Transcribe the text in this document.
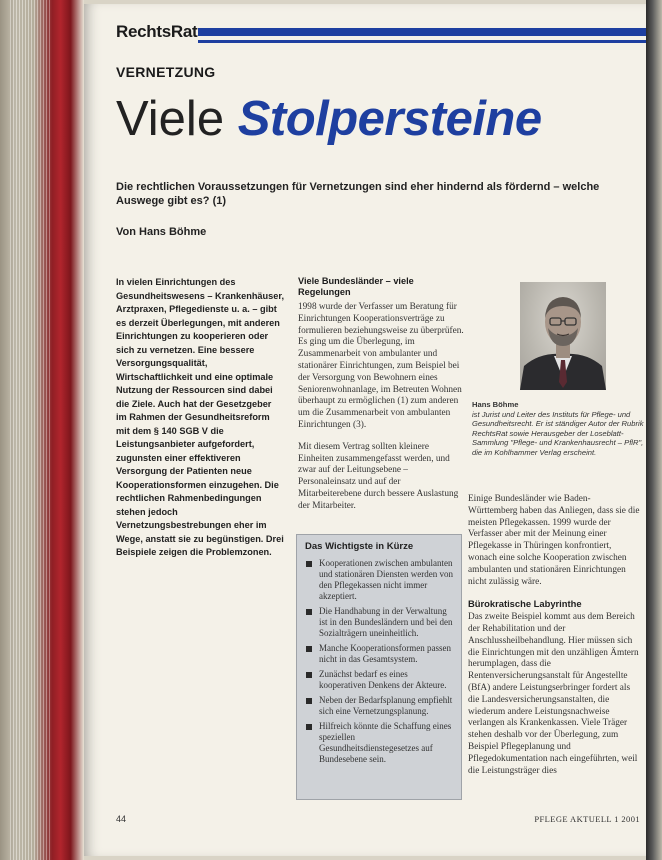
RechtsRat
VERNETZUNG
Viele Stolpersteine
Die rechtlichen Voraussetzungen für Vernetzungen sind eher hindernd als fördernd – welche Auswege gibt es? (1)
Von Hans Böhme
In vielen Einrichtungen des Gesundheitswesens – Krankenhäuser, Arztpraxen, Pflegedienste u. a. – gibt es derzeit Überlegungen, mit anderen Einrichtungen zu kooperieren oder sich zu vernetzen. Eine bessere Versorgungsqualität, Wirtschaftlichkeit und eine optimale Nutzung der Ressourcen sind dabei die Ziele. Auch hat der Gesetzgeber im Rahmen der Gesundheitsreform mit dem § 140 SGB V die Leistungsanbieter aufgefordert, zugunsten einer effektiveren Versorgung der Patienten neue Kooperationsformen einzugehen. Die rechtlichen Rahmenbedingungen stehen jedoch Vernetzungsbestrebungen eher im Wege, anstatt sie zu begünstigen. Drei Beispiele zeigen die Problemzonen.
Viele Bundesländer – viele Regelungen

1998 wurde der Verfasser um Beratung für Einrichtungen Kooperationsverträge zu formulieren beziehungsweise zu überprüfen. Es ging um die Überlegung, im Zusammenarbeit von ambulanter und stationärer Einrichtungen, zum Beispiel bei der Versorgung von Bewohnern eines Seniorenwohnanlage, im Betreuten Wohnen überhaupt zu ermöglichen (1) zum anderen um die Zusammenarbeit von ambulanten Einrichtungen (3).

Mit diesem Vertrag sollten kleinere Einheiten zusammengefasst werden, und zwar auf der Leitungsebene – Personaleinsatz und auf der Mitarbeiterebene durch bessere Auslastung der Mitarbeiter.

Hans Böhme
ist Jurist und Leiter des Instituts für Pflege- und Gesundheitsrecht. Er ist ständiger Autor der Rubrik RechtsRat sowie Herausgeber der Loseblatt-Sammlung "Pflege- und Krankenhausrecht – PflR", die im Kohlhammer Verlag erscheint.
Das Wichtigste in Kürze
Kooperationen zwischen ambulanten und stationären Diensten werden von den Pflegekassen nicht immer akzeptiert.
Die Handhabung in der Verwaltung ist in den Bundesländern und bei den Sozialträgern uneinheitlich.
Manche Kooperationsformen passen nicht in das Gesamtsystem.
Zunächst bedarf es eines kooperativen Denkens der Akteure.
Neben der Bedarfsplanung empfiehlt sich eine Vernetzungsplanung.
Hilfreich könnte die Schaffung eines speziellen Gesundheitsdienstegesetzes auf Bundesebene sein.

Einige Bundesländer wie Baden-Württemberg haben das Anliegen, dass sie die meisten Pflegekassen. 1999 wurde der Verfasser aber mit der Meinung einer Pflegekasse in Thüringen konfrontiert, wonach eine solche Kooperation zwischen ambulanten und stationären Einrichtungen nicht zulässig wäre.

Bürokratische Labyrinthe

Das zweite Beispiel kommt aus dem Bereich der Rehabilitation und der Anschlussheilbehandlung. Hier müssen sich die Einrichtungen mit den unzähligen Ämtern herumplagen, dass die Rentenversicherungsanstalt für Angestellte (BfA) andere Leistungserbringer fordert als die Landesversicherungsanstalten, die wiederum andere Leistungsnachweise verlangen als Krankenkassen. Viele Träger stehen deshalb vor der Überlegung, zum Beispiel Pflegeplanung und Pflegedokumentation nach eingeführten, weil die Leistungsträger dies

44	PFLEGE AKTUELL 1 2001
